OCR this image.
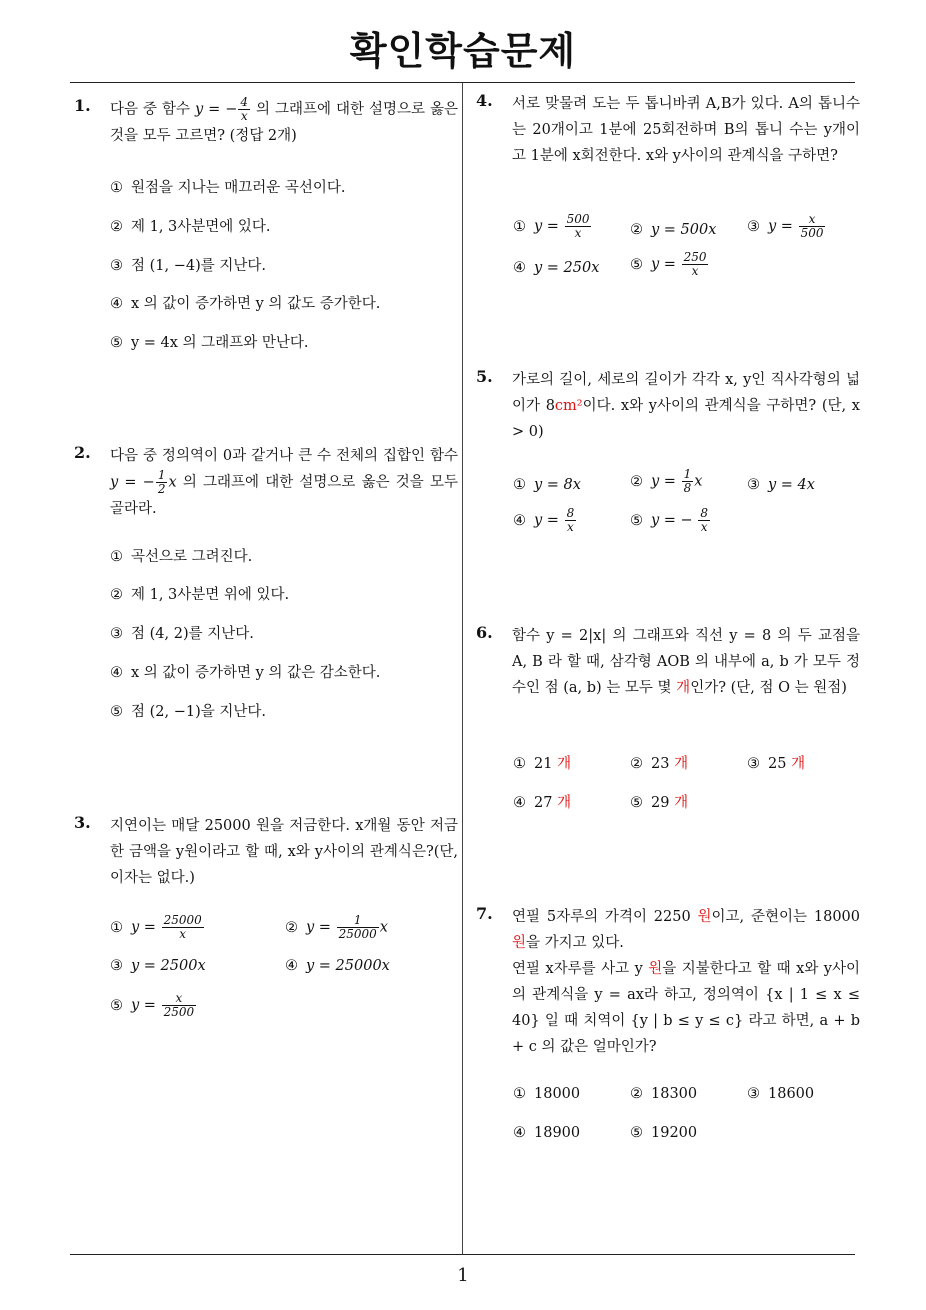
확인학습문제
1
1. 다음 중 함수 y = − $\frac{4}{x}$ 의 그래프에 대한 설명으로 옳은 것을 모두 고르면? (정답 2개)
① 원점을 지나는 매끄러운 곡선이다.
② 제 1, 3사분면에 있다.
③ 점 (1, −4)를 지난다.
④ x 의 값이 증가하면 y 의 값도 증가한다.
⑤ y = 4x 의 그래프와 만난다.
2. 다음 중 정의역이 0과 같거나 큰 수 전체의 집합인 함수 y = − $\frac{1}{2}$ x 의 그래프에 대한 설명으로 옳은 것을 모두 골라라.
① 곡선으로 그려진다.
② 제 1, 3사분면 위에 있다.
③ 점 (4, 2)를 지난다.
④ x 의 값이 증가하면 y 의 값은 감소한다.
⑤ 점 (2, −1)을 지난다.
3. 지연이는 매달 25000 원을 저금한다. x개월 동안 저금한 금액을 y원이라고 할 때, x와 y사이의 관계식은?(단, 이자는 없다.)
① $y = \frac{25000}{x}$	② $y = \frac{1}{25000}$ x
③ y = 2500x	④ y = 25000x
⑤ $y = \frac{x}{2500}$
4. 서로 맞물려 도는 두 톱니바퀴 A,B가 있다. A의 톱니수는 20개이고 1분에 25회전하며 B의 톱니 수는 y개이고 1분에 x회전한다. x와 y사이의 관계식을 구하면?
① $y = \frac{500}{x}$	② y = 500x ③ $y = \frac{x}{500}$
④ y = 250x ⑤ $y = \frac{250}{x}$
5. 가로의 길이, 세로의 길이가 각각 x, y인 직사각형의 넓이가 8cm²이다. x와 y사이의 관계식을 구하면? (단, x > 0)
① y = 8x	② $y = \frac{1}{8}$ x	③ y = 4x
④ $y = \frac{8}{x}$	⑤ y = − $\frac{8}{x}$
6. 함수 y = 2|x| 의 그래프와 직선 y = 8 의 두 교점을 A, B 라 할 때, 삼각형 AOB 의 내부에 a, b 가 모두 정수인 점 (a, b) 는 모두 몇 개인가? (단, 점 O 는 원점)
① 21 개	② 23 개	③ 25 개
④ 27 개	⑤ 29 개
7. 연필 5자루의 가격이 2250 원이고, 준현이는 18000 원을 가지고 있다.
연필 x자루를 사고 y 원을 지불한다고 할 때 x와 y사이의 관계식을 y = ax라 하고, 정의역이 {x | 1 ≤ x ≤ 40} 일 때 치역이 {y | b ≤ y ≤ c} 라고 하면, a + b + c 의 값은 얼마인가?
① 18000	② 18300	③ 18600
④ 18900	⑤ 19200
